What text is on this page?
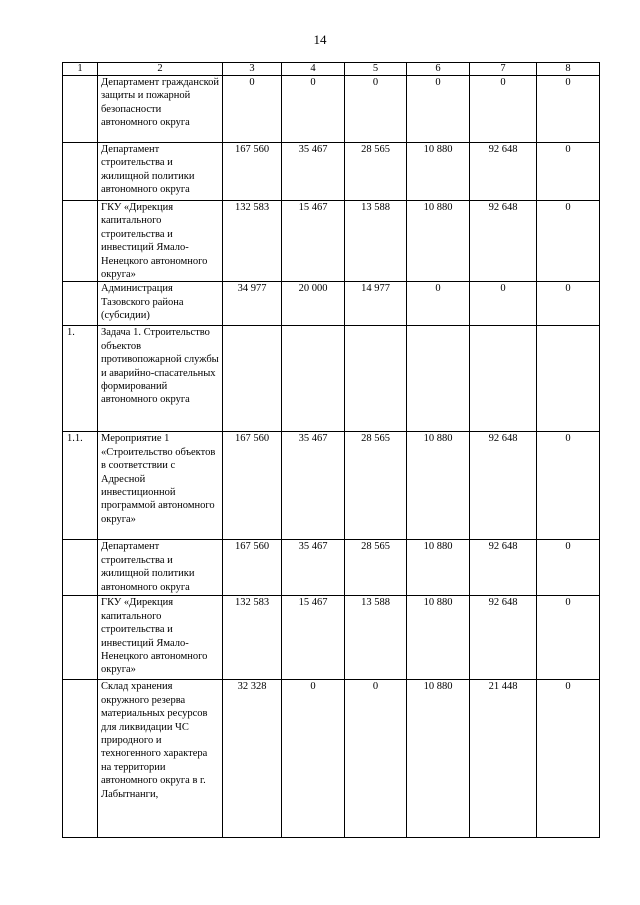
14
1	2	3	4	5	6	7	8
	Департамент гражданской защиты и пожарной безопасности автономного округа	0	0	0	0	0	0
	Департамент строительства и жилищной политики автономного округа	167 560	35 467	28 565	10 880	92 648	0
	ГКУ «Дирекция капитального строительства и инвестиций Ямало-Ненецкого автономного округа»	132 583	15 467	13 588	10 880	92 648	0
	Администрация Тазовского района (субсидии)	34 977	20 000	14 977	0	0	0
1.	Задача 1. Строительство объектов противопожарной службы и аварийно-спасательных формирований автономного округа						
1.1.	Мероприятие 1 «Строительство объектов в соответствии с Адресной инвестиционной программой автономного округа»	167 560	35 467	28 565	10 880	92 648	0
	Департамент строительства и жилищной политики автономного округа	167 560	35 467	28 565	10 880	92 648	0
	ГКУ «Дирекция капитального строительства и инвестиций Ямало-Ненецкого автономного округа»	132 583	15 467	13 588	10 880	92 648	0
	Склад хранения окружного резерва материальных ресурсов для ликвидации ЧС природного и техногенного характера на территории автономного округа в г. Лабытнанги,	32 328	0	0	10 880	21 448	0
